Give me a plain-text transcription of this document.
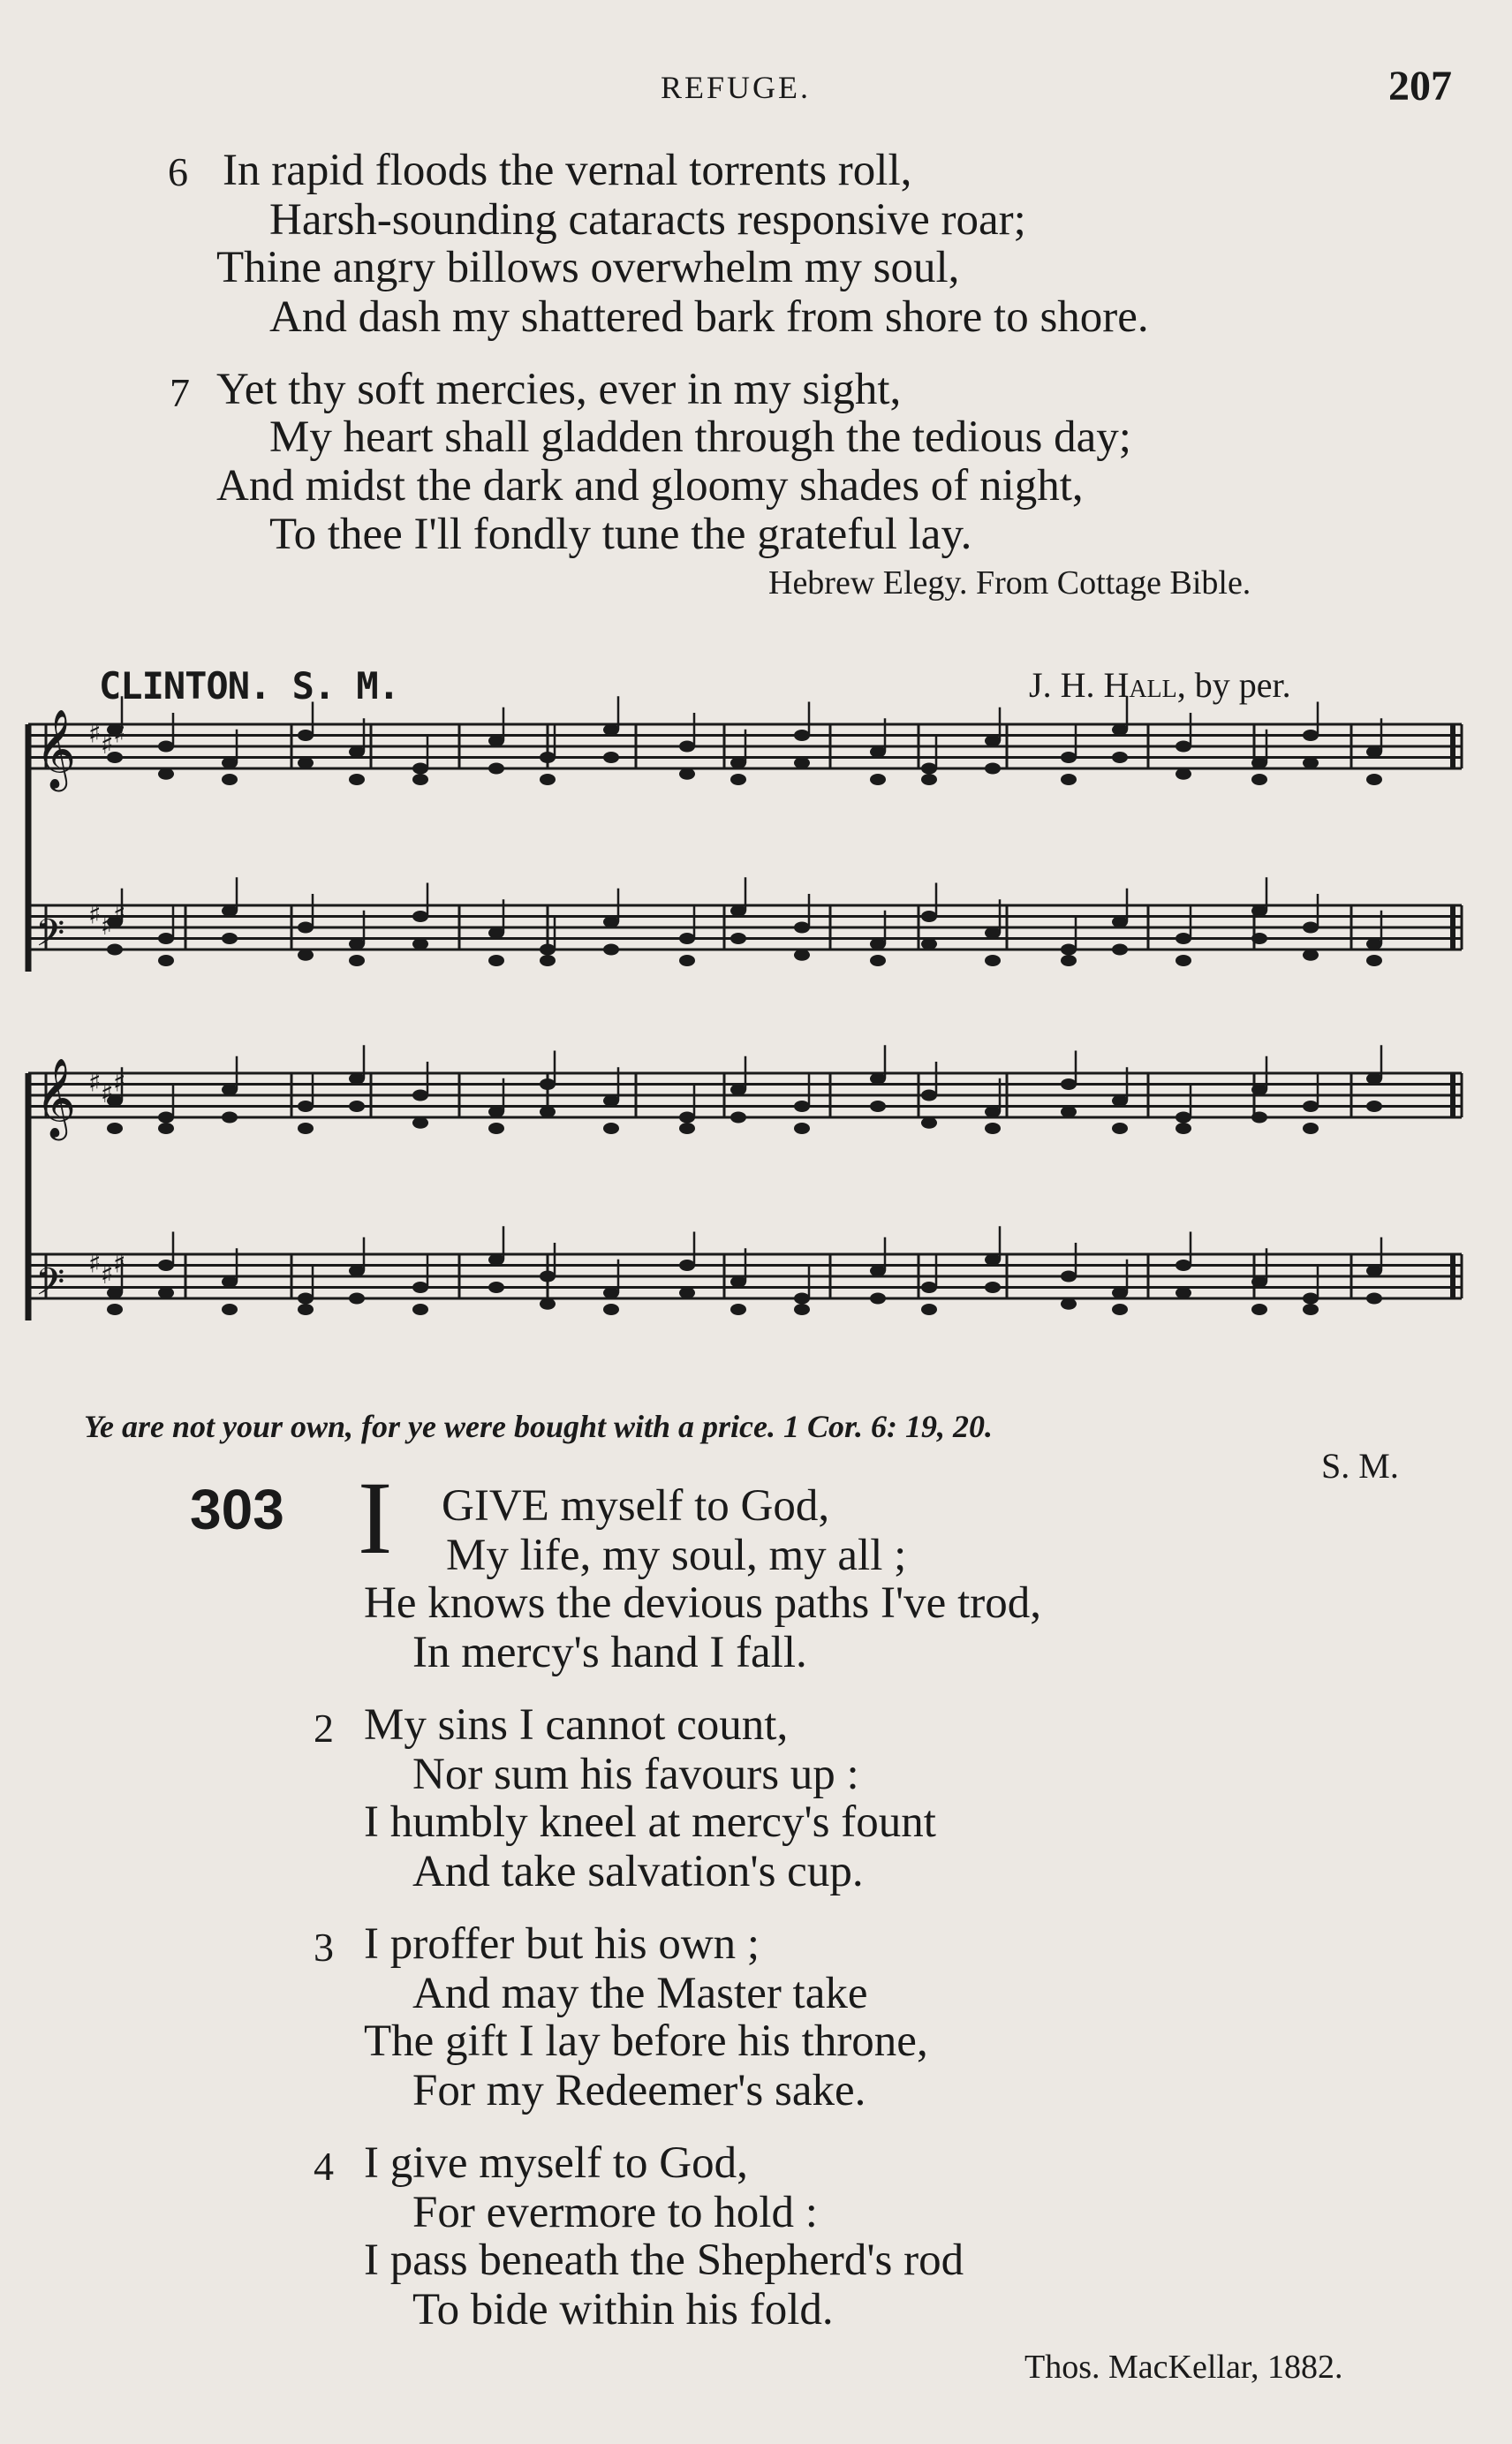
REFUGE.	207
6 In rapid floods the vernal torrents roll,
Harsh-sounding cataracts responsive roar;
Thine angry billows overwhelm my soul,
And dash my shattered bark from shore to shore.
7 Yet thy soft mercies, ever in my sight,
My heart shall gladden through the tedious day;
And midst the dark and gloomy shades of night,
To thee I'll fondly tune the grateful lay.
Hebrew Elegy. From Cottage Bible.
CLINTON. S. M.	J. H. Hall, by per.
𝄞 ♯ ♯ ♯
𝄢 ♯ ♯ ♯
𝄞 ♯ ♯ ♯
𝄢 ♯ ♯ ♯
Ye are not your own, for ye were bought with a price. 1 Cor. 6: 19, 20.
S. M.
303 I GIVE myself to God,
My life, my soul, my all ;
He knows the devious paths I've trod,
In mercy's hand I fall.
2 My sins I cannot count,
Nor sum his favours up :
I humbly kneel at mercy's fount
And take salvation's cup.
3 I proffer but his own ;
And may the Master take
The gift I lay before his throne,
For my Redeemer's sake.
4 I give myself to God,
For evermore to hold :
I pass beneath the Shepherd's rod
To bide within his fold.
Thos. MacKellar, 1882.
